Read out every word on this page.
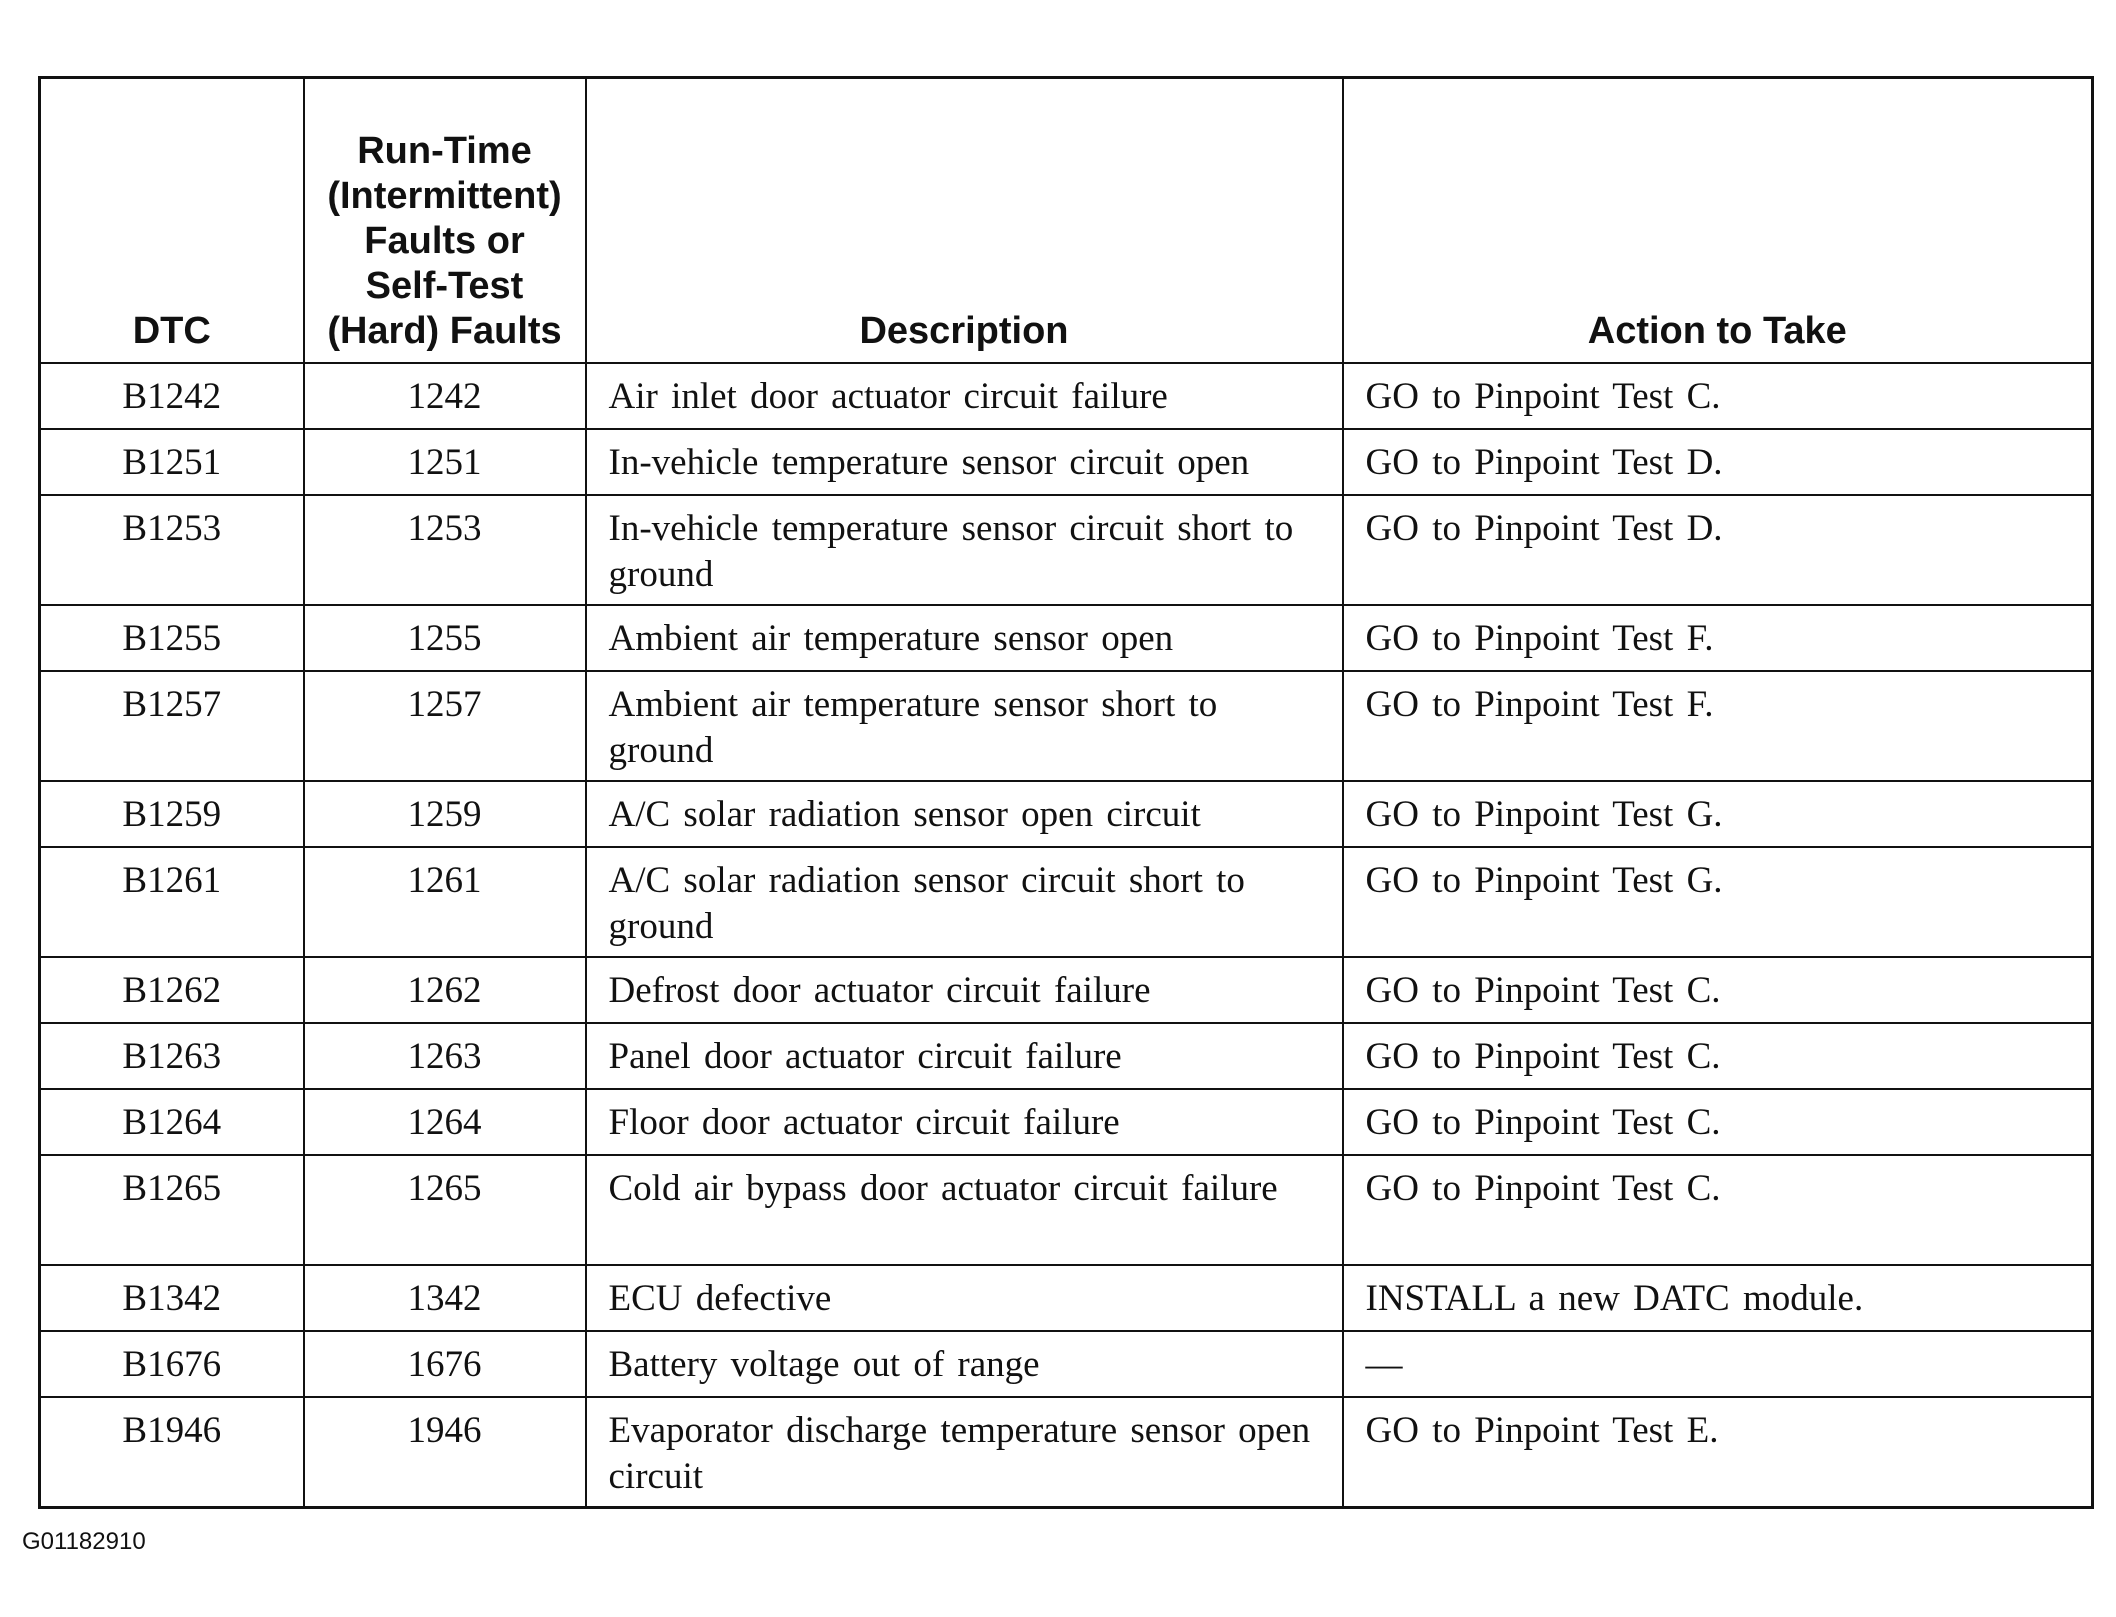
DTC	Run-Time (Intermittent) Faults or Self-Test (Hard) Faults	Description	Action to Take
B1242	1242	Air inlet door actuator circuit failure	GO to Pinpoint Test C.
B1251	1251	In-vehicle temperature sensor circuit open	GO to Pinpoint Test D.
B1253	1253	In-vehicle temperature sensor circuit short to ground	GO to Pinpoint Test D.
B1255	1255	Ambient air temperature sensor open	GO to Pinpoint Test F.
B1257	1257	Ambient air temperature sensor short to ground	GO to Pinpoint Test F.
B1259	1259	A/C solar radiation sensor open circuit	GO to Pinpoint Test G.
B1261	1261	A/C solar radiation sensor circuit short to ground	GO to Pinpoint Test G.
B1262	1262	Defrost door actuator circuit failure	GO to Pinpoint Test C.
B1263	1263	Panel door actuator circuit failure	GO to Pinpoint Test C.
B1264	1264	Floor door actuator circuit failure	GO to Pinpoint Test C.
B1265	1265	Cold air bypass door actuator circuit failure	GO to Pinpoint Test C.
B1342	1342	ECU defective	INSTALL a new DATC module.
B1676	1676	Battery voltage out of range	—
B1946	1946	Evaporator discharge temperature sensor open circuit	GO to Pinpoint Test E.
G01182910
